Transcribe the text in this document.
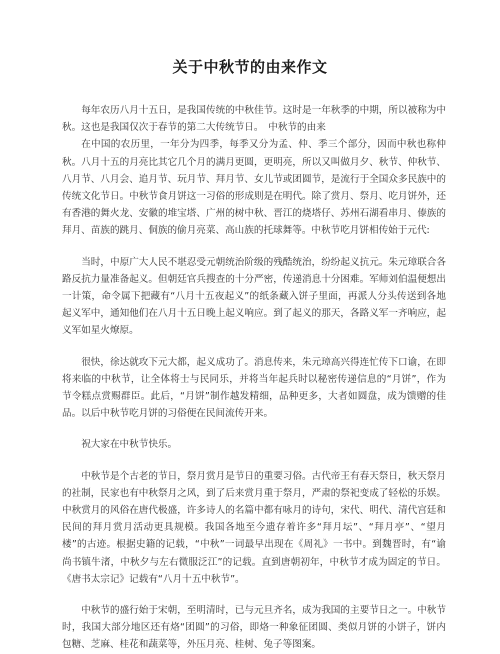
关于中秋节的由来作文

每年农历八月十五日，是我国传统的中秋佳节。这时是一年秋季的中期，所以被称为中秋。这也是我国仅次于春节的第二大传统节日。　中秋节的由来

在中国的农历里，一年分为四季，每季又分为孟、仲、季三个部分，因而中秋也称仲秋。八月十五的月亮比其它几个月的满月更圆，更明亮，所以又叫做月夕、秋节、仲秋节、八月节、八月会、追月节、玩月节、拜月节、女儿节或团圆节，是流行于全国众多民族中的传统文化节日。中秋节食月饼这一习俗的形成则是在明代。除了赏月、祭月、吃月饼外，还有香港的舞火龙、安徽的堆宝塔、广州的树中秋、晋江的烧塔仔、苏州石湖看串月、傣族的拜月、苗族的跳月、侗族的偷月亮菜、高山族的托球舞等。中秋节吃月饼相传始于元代:

当时，中原广大人民不堪忍受元朝统治阶级的残酷统治，纷纷起义抗元。朱元璋联合各路反抗力量准备起义。但朝廷官兵搜查的十分严密，传递消息十分困难。军师刘伯温便想出一计策，命令属下把藏有“八月十五夜起义”的纸条藏入饼子里面，再派人分头传送到各地起义军中，通知他们在八月十五日晚上起义响应。到了起义的那天，各路义军一齐响应，起义军如星火燎原。

很快，徐达就攻下元大都，起义成功了。消息传来，朱元璋高兴得连忙传下口谕，在即将来临的中秋节，让全体将士与民同乐，并将当年起兵时以秘密传递信息的“月饼”，作为节令糕点赏赐群臣。此后，“月饼”制作越发精细，品种更多，大者如圆盘，成为馈赠的佳品。以后中秋节吃月饼的习俗便在民间流传开来。

祝大家在中秋节快乐。

中秋节是个古老的节日，祭月赏月是节日的重要习俗。古代帝王有春天祭日，秋天祭月的社制，民家也有中秋祭月之风，到了后来赏月重于祭月，严肃的祭祀变成了轻松的乐娱。中秋赏月的风俗在唐代极盛，许多诗人的名篇中都有咏月的诗句，宋代、明代、清代宫廷和民间的拜月赏月活动更具规模。我国各地至今遗存着许多“拜月坛”、“拜月亭”、“望月楼”的古迹。根据史籍的记载，“中秋”一词最早出现在《周礼》一书中。到魏晋时，有“谕尚书镇牛渚，中秋夕与左右微服泛江”的记载。直到唐朝初年，中秋节才成为固定的节日。《唐书太宗记》记载有“八月十五中秋节”。

中秋节的盛行始于宋朝，至明清时，已与元旦齐名，成为我国的主要节日之一。中秋节时，我国大部分地区还有烙“团圆”的习俗，即烙一种象征团圆、类似月饼的小饼子，饼内包糖、芝麻、桂花和蔬菜等，外压月亮、桂树、兔子等图案。
